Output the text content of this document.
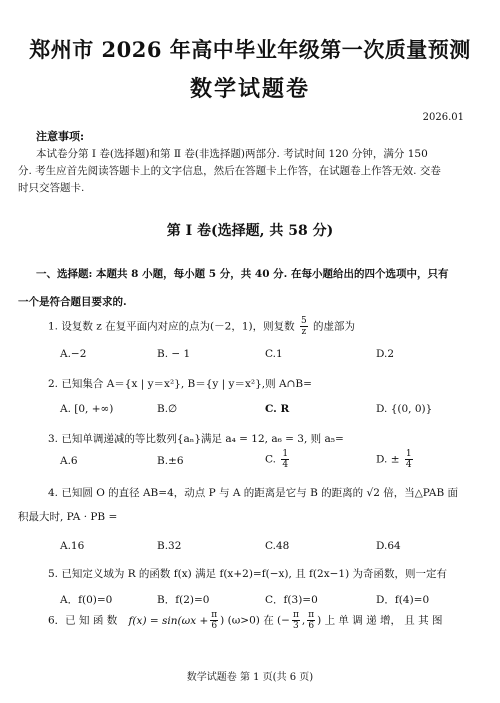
郑州市 2026 年高中毕业年级第一次质量预测
数学试题卷
2026.01
注意事项:
本试卷分第 Ⅰ 卷(选择题)和第 Ⅱ 卷(非选择题)两部分. 考试时间 120 分钟，满分 150
分. 考生应首先阅读答题卡上的文字信息，然后在答题卡上作答，在试题卷上作答无效. 交卷
时只交答题卡.
第 Ⅰ 卷(选择题, 共 58 分)
一、选择题: 本题共 8 小题，每小题 5 分，共 40 分. 在每小题给出的四个选项中，只有
一个是符合题目要求的.
1. 设复数 z 在复平面内对应的点为(－2，1)，则复数 $\frac{5}{z}$ 的虚部为
A.−2	B. − 1	C.1	D.2
2. 已知集合 A＝{x | y＝x²}, B＝{y | y＝x²},则 A∩B=
A. [0, +∞)	B.∅	C. R	D. {(0, 0)}
3. 已知单调递减的等比数列{aₙ}满足 a₄ = 12, a₆ = 3, 则 a₅=
A.6	B.±6	C. $\frac{1}{4}$	D. ± $\frac{1}{4}$
4. 已知圆 O 的直径 AB=4，动点 P 与 A 的距离是它与 B 的距离的 √2 倍，当△PAB 面
积最大时, PA · PB =
A.16	B.32	C.48	D.64
5. 已知定义域为 R 的函数 f(x) 满足 f(x+2)=f(−x), 且 f(2x−1) 为奇函数，则一定有
A．f(0)=0	B．f(2)=0	C．f(3)=0	D．f(4)=0
6．已 知 函 数 $f(x) = \sin(\omega x + \frac{\pi}{6}$ ) (ω>0) 在 (− $\frac{\pi}{3}$ , $\frac{\pi}{6}$ ) 上 单 调 递 增， 且 其 图
数学试题卷 第 1 页(共 6 页)
